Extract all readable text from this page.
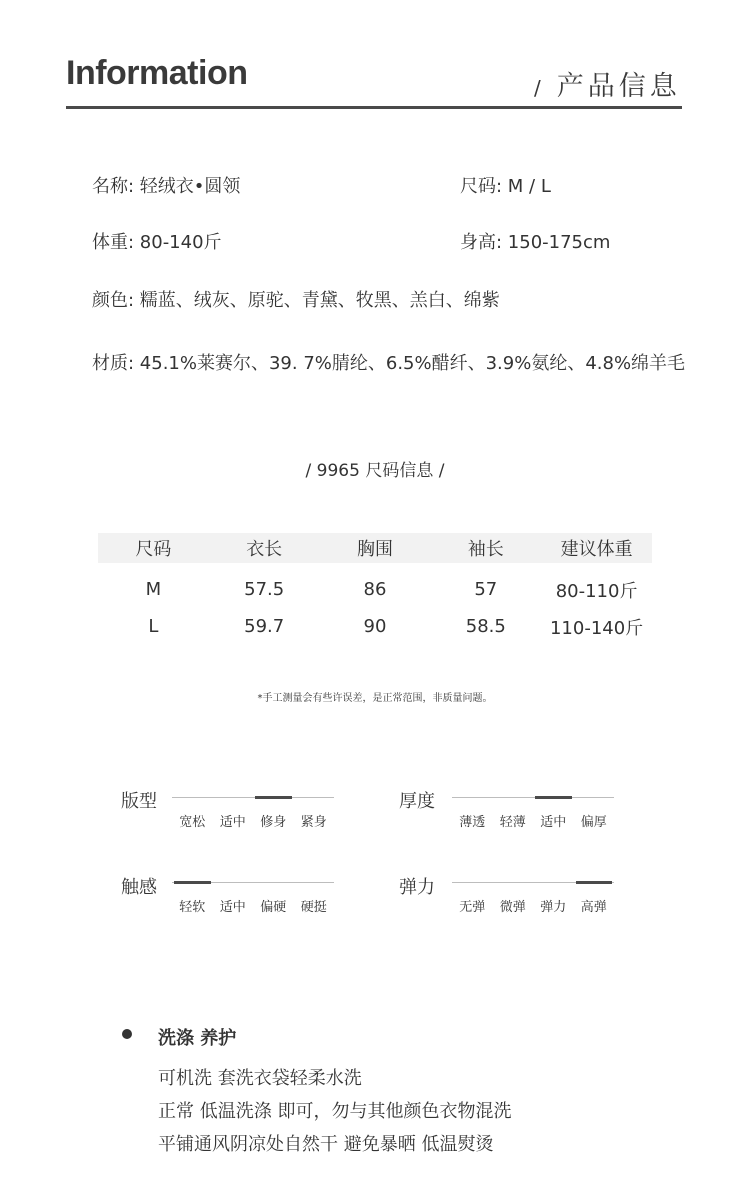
Information	/ 产品信息
名称: 轻绒衣•圆领	尺码: M / L
体重: 80-140斤	身高: 150-175cm
颜色: 糯蓝、绒灰、原驼、青黛、牧黑、羔白、绵紫
材质: 45.1%莱赛尔、39. 7%腈纶、6.5%醋纤、3.9%氨纶、4.8%绵羊毛
/ 9965 尺码信息 /
尺码	衣长	胸围	袖长	建议体重
M	57.5	86	57	80-110斤
L	59.7	90	58.5	110-140斤
*手工测量会有些许误差，是正常范围，非质量问题。
版型
宽松	适中	修身	紧身
厚度
薄透	轻薄	适中	偏厚
触感
轻软	适中	偏硬	硬挺
弹力
无弹	微弹	弹力	高弹
洗涤 养护
可机洗 套洗衣袋轻柔水洗
正常 低温洗涤 即可，勿与其他颜色衣物混洗
平铺通风阴凉处自然干 避免暴晒 低温熨烫
